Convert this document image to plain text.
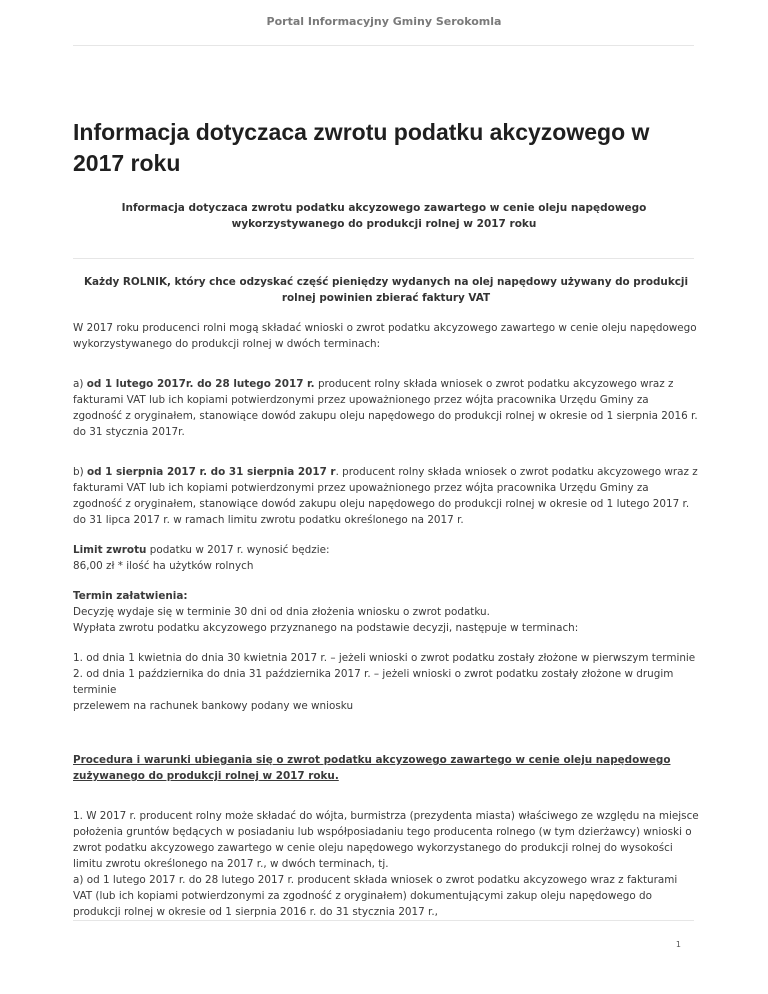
Portal Informacyjny Gminy Serokomla
Informacja dotyczaca zwrotu podatku akcyzowego w 2017 roku
Informacja dotyczaca zwrotu podatku akcyzowego zawartego w cenie oleju napędowego wykorzystywanego do produkcji rolnej w 2017 roku

Każdy ROLNIK, który chce odzyskać część pieniędzy wydanych na olej napędowy używany do produkcji rolnej powinien zbierać faktury VAT

W 2017 roku producenci rolni mogą składać wnioski o zwrot podatku akcyzowego zawartego w cenie oleju napędowego wykorzystywanego do produkcji rolnej w dwóch terminach:

a) od 1 lutego 2017r. do 28 lutego 2017 r. producent rolny składa wniosek o zwrot podatku akcyzowego wraz z fakturami VAT lub ich kopiami potwierdzonymi przez upoważnionego przez wójta pracownika Urzędu Gminy za zgodność z oryginałem, stanowiące dowód zakupu oleju napędowego do produkcji rolnej w okresie od 1 sierpnia 2016 r. do 31 stycznia 2017r.

b) od 1 sierpnia 2017 r. do 31 sierpnia 2017 r. producent rolny składa wniosek o zwrot podatku akcyzowego wraz z fakturami VAT lub ich kopiami potwierdzonymi przez upoważnionego przez wójta pracownika Urzędu Gminy za zgodność z oryginałem, stanowiące dowód zakupu oleju napędowego do produkcji rolnej w okresie od 1 lutego 2017 r. do 31 lipca 2017 r. w ramach limitu zwrotu podatku określonego na 2017 r.

Limit zwrotu podatku w 2017 r. wynosić będzie:
86,00 zł * ilość ha użytków rolnych

Termin załatwienia:
Decyzję wydaje się w terminie 30 dni od dnia złożenia wniosku o zwrot podatku.
Wypłata zwrotu podatku akcyzowego przyznanego na podstawie decyzji, następuje w terminach:

1. od dnia 1 kwietnia do dnia 30 kwietnia 2017 r. – jeżeli wnioski o zwrot podatku zostały złożone w pierwszym terminie
2. od dnia 1 października do dnia 31 października 2017 r. – jeżeli wnioski o zwrot podatku zostały złożone w drugim terminie
przelewem na rachunek bankowy podany we wniosku

Procedura i warunki ubiegania się o zwrot podatku akcyzowego zawartego w cenie oleju napędowego zużywanego do produkcji rolnej w 2017 roku.

1. W 2017 r. producent rolny może składać do wójta, burmistrza (prezydenta miasta) właściwego ze względu na miejsce położenia gruntów będących w posiadaniu lub współposiadaniu tego producenta rolnego (w tym dzierżawcy) wnioski o zwrot podatku akcyzowego zawartego w cenie oleju napędowego wykorzystanego do produkcji rolnej do wysokości limitu zwrotu określonego na 2017 r., w dwóch terminach, tj.
a) od 1 lutego 2017 r. do 28 lutego 2017 r. producent składa wniosek o zwrot podatku akcyzowego wraz z fakturami VAT (lub ich kopiami potwierdzonymi za zgodność z oryginałem) dokumentującymi zakup oleju napędowego do produkcji rolnej w okresie od 1 sierpnia 2016 r. do 31 stycznia 2017 r.,

1
